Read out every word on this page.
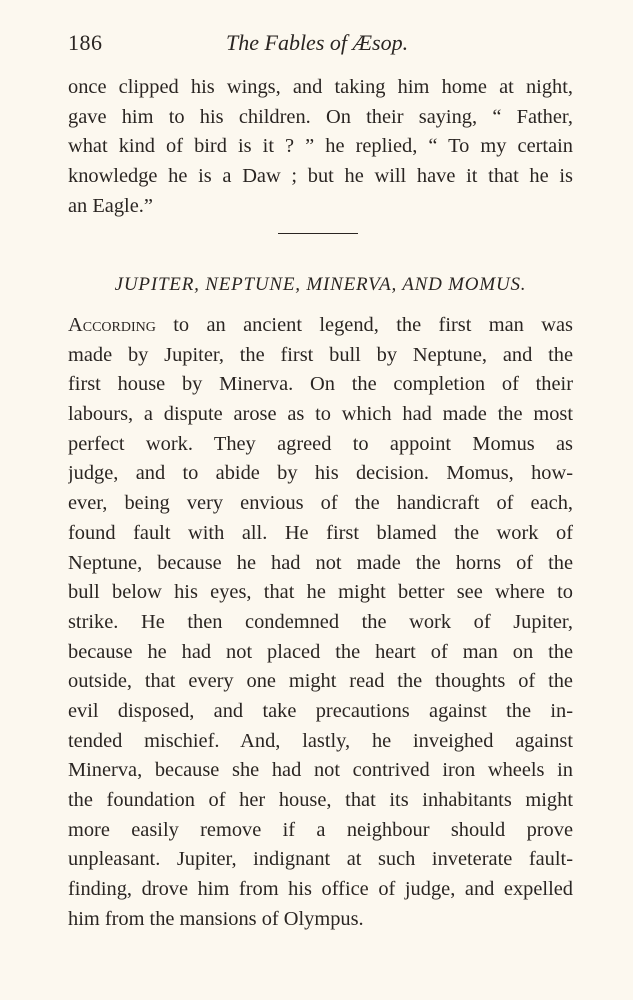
186	The Fables of Æsop.
once clipped his wings, and taking him home at night,
gave him to his children. On their saying, “ Father,
what kind of bird is it ? ” he replied, “ To my certain
knowledge he is a Daw ; but he will have it that he is
an Eagle.”
JUPITER, NEPTUNE, MINERVA, AND MOMUS.
According to an ancient legend, the first man was
made by Jupiter, the first bull by Neptune, and the
first house by Minerva. On the completion of their
labours, a dispute arose as to which had made the most
perfect work. They agreed to appoint Momus as
judge, and to abide by his decision. Momus, how-
ever, being very envious of the handicraft of each,
found fault with all. He first blamed the work of
Neptune, because he had not made the horns of the
bull below his eyes, that he might better see where to
strike. He then condemned the work of Jupiter,
because he had not placed the heart of man on the
outside, that every one might read the thoughts of the
evil disposed, and take precautions against the in-
tended mischief. And, lastly, he inveighed against
Minerva, because she had not contrived iron wheels in
the foundation of her house, that its inhabitants might
more easily remove if a neighbour should prove
unpleasant. Jupiter, indignant at such inveterate fault-
finding, drove him from his office of judge, and expelled
him from the mansions of Olympus.
